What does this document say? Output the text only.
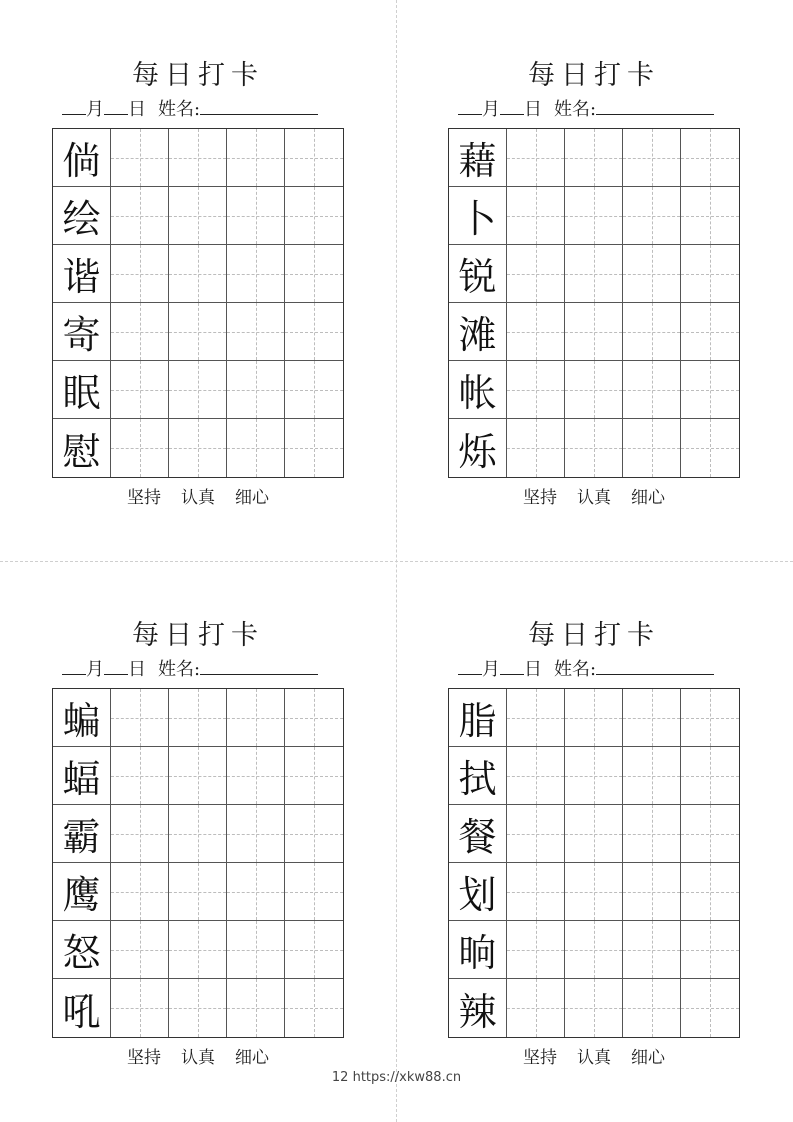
每日打卡
月 日 姓名:
倘
绘
谐
寄
眠
慰
坚持 认真 细心
每日打卡
月 日 姓名:
藉
卜
锐
滩
帐
烁
坚持 认真 细心
每日打卡
月 日 姓名:
蝙
蝠
霸
鹰
怒
吼
坚持 认真 细心
每日打卡
月 日 姓名:
脂
拭
餐
划
晌
辣
坚持 认真 细心
12 https://xkw88.cn
